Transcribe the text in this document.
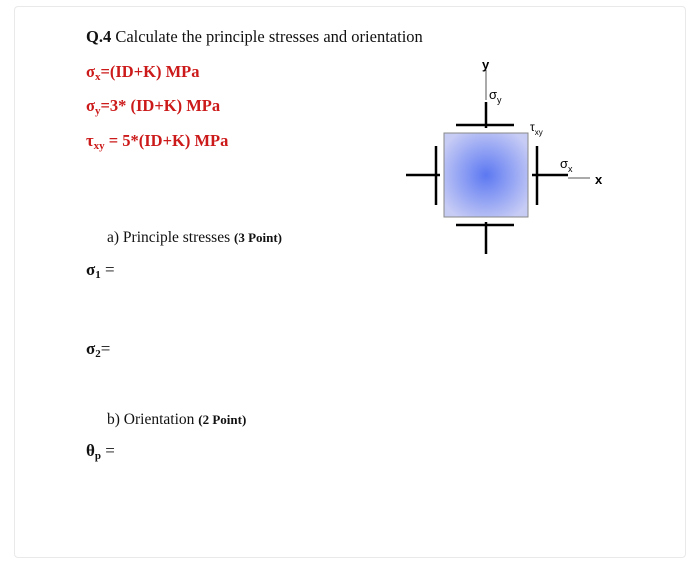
Q.4 Calculate the principle stresses and orientation
$\sigma_x=(ID+K)$ MPa
$\sigma_y=3*$ (ID+K) MPa
$\tau_{xy} = 5*(ID+K)$ MPa
a) Principle stresses (3 Point)
$\sigma_1$ =
$\sigma_2=$
b) Orientation (2 Point)
$\theta_p$ =
y
$\sigma_y$
$\tau_{xy}$
x
$\sigma_x$
